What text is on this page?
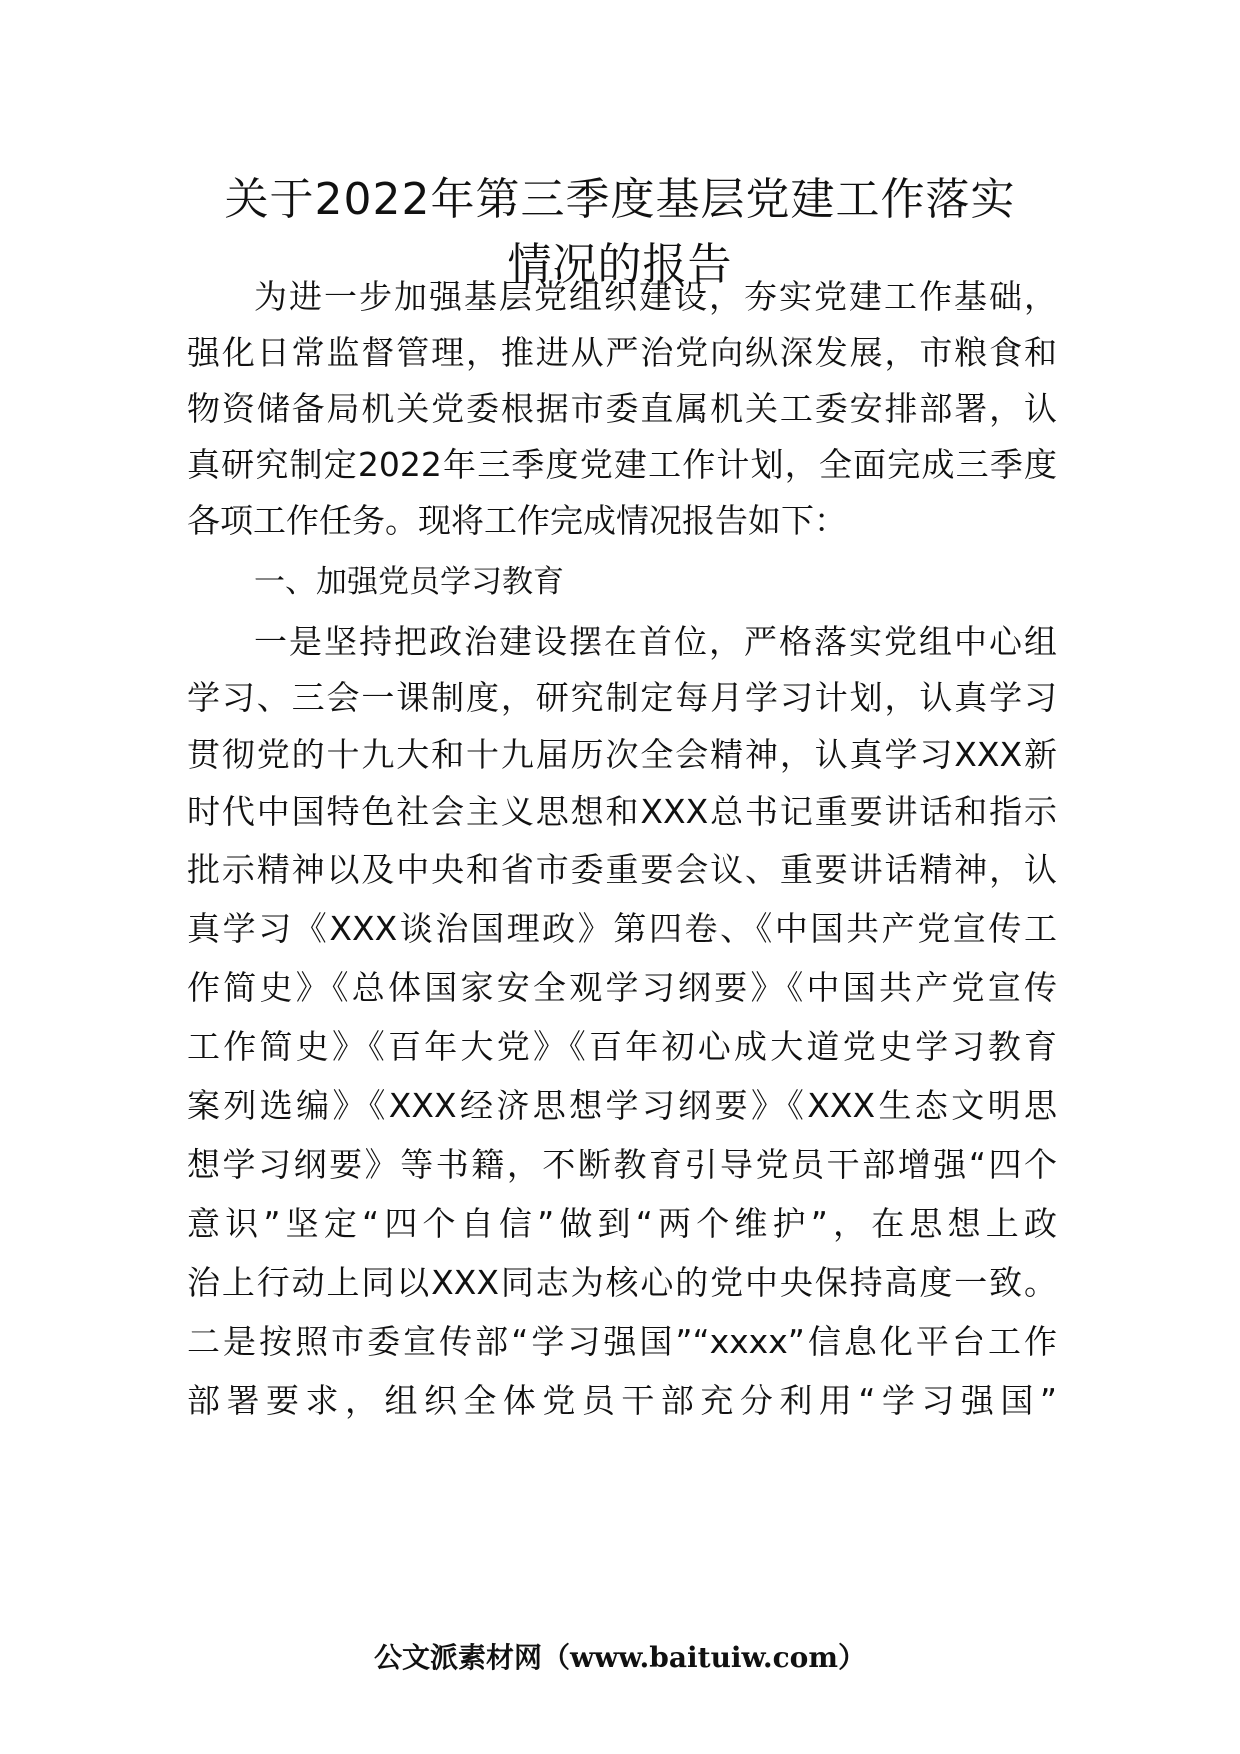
关于2022年第三季度基层党建工作落实
情况的报告
为进一步加强基层党组织建设，夯实党建工作基础，
强化日常监督管理，推进从严治党向纵深发展，市粮食和
物资储备局机关党委根据市委直属机关工委安排部署，认
真研究制定2022年三季度党建工作计划，全面完成三季度
各项工作任务。现将工作完成情况报告如下：
一、加强党员学习教育
一是坚持把政治建设摆在首位，严格落实党组中心组
学习、三会一课制度，研究制定每月学习计划，认真学习
贯彻党的十九大和十九届历次全会精神，认真学习XXX新
时代中国特色社会主义思想和XXX总书记重要讲话和指示
批示精神以及中央和省市委重要会议、重要讲话精神，认
真学习《XXX谈治国理政》第四卷、《中国共产党宣传工
作简史》《总体国家安全观学习纲要》《中国共产党宣传
工作简史》《百年大党》《百年初心成大道党史学习教育
案列选编》《XXX经济思想学习纲要》《XXX生态文明思
想学习纲要》等书籍，不断教育引导党员干部增强“四个
意识”坚定“四个自信”做到“两个维护”，在思想上政
治上行动上同以XXX同志为核心的党中央保持高度一致。
二是按照市委宣传部“学习强国”“xxxx”信息化平台工作
部署要求，组织全体党员干部充分利用“学习强国”
公文派素材网（www.baituiw.com）
